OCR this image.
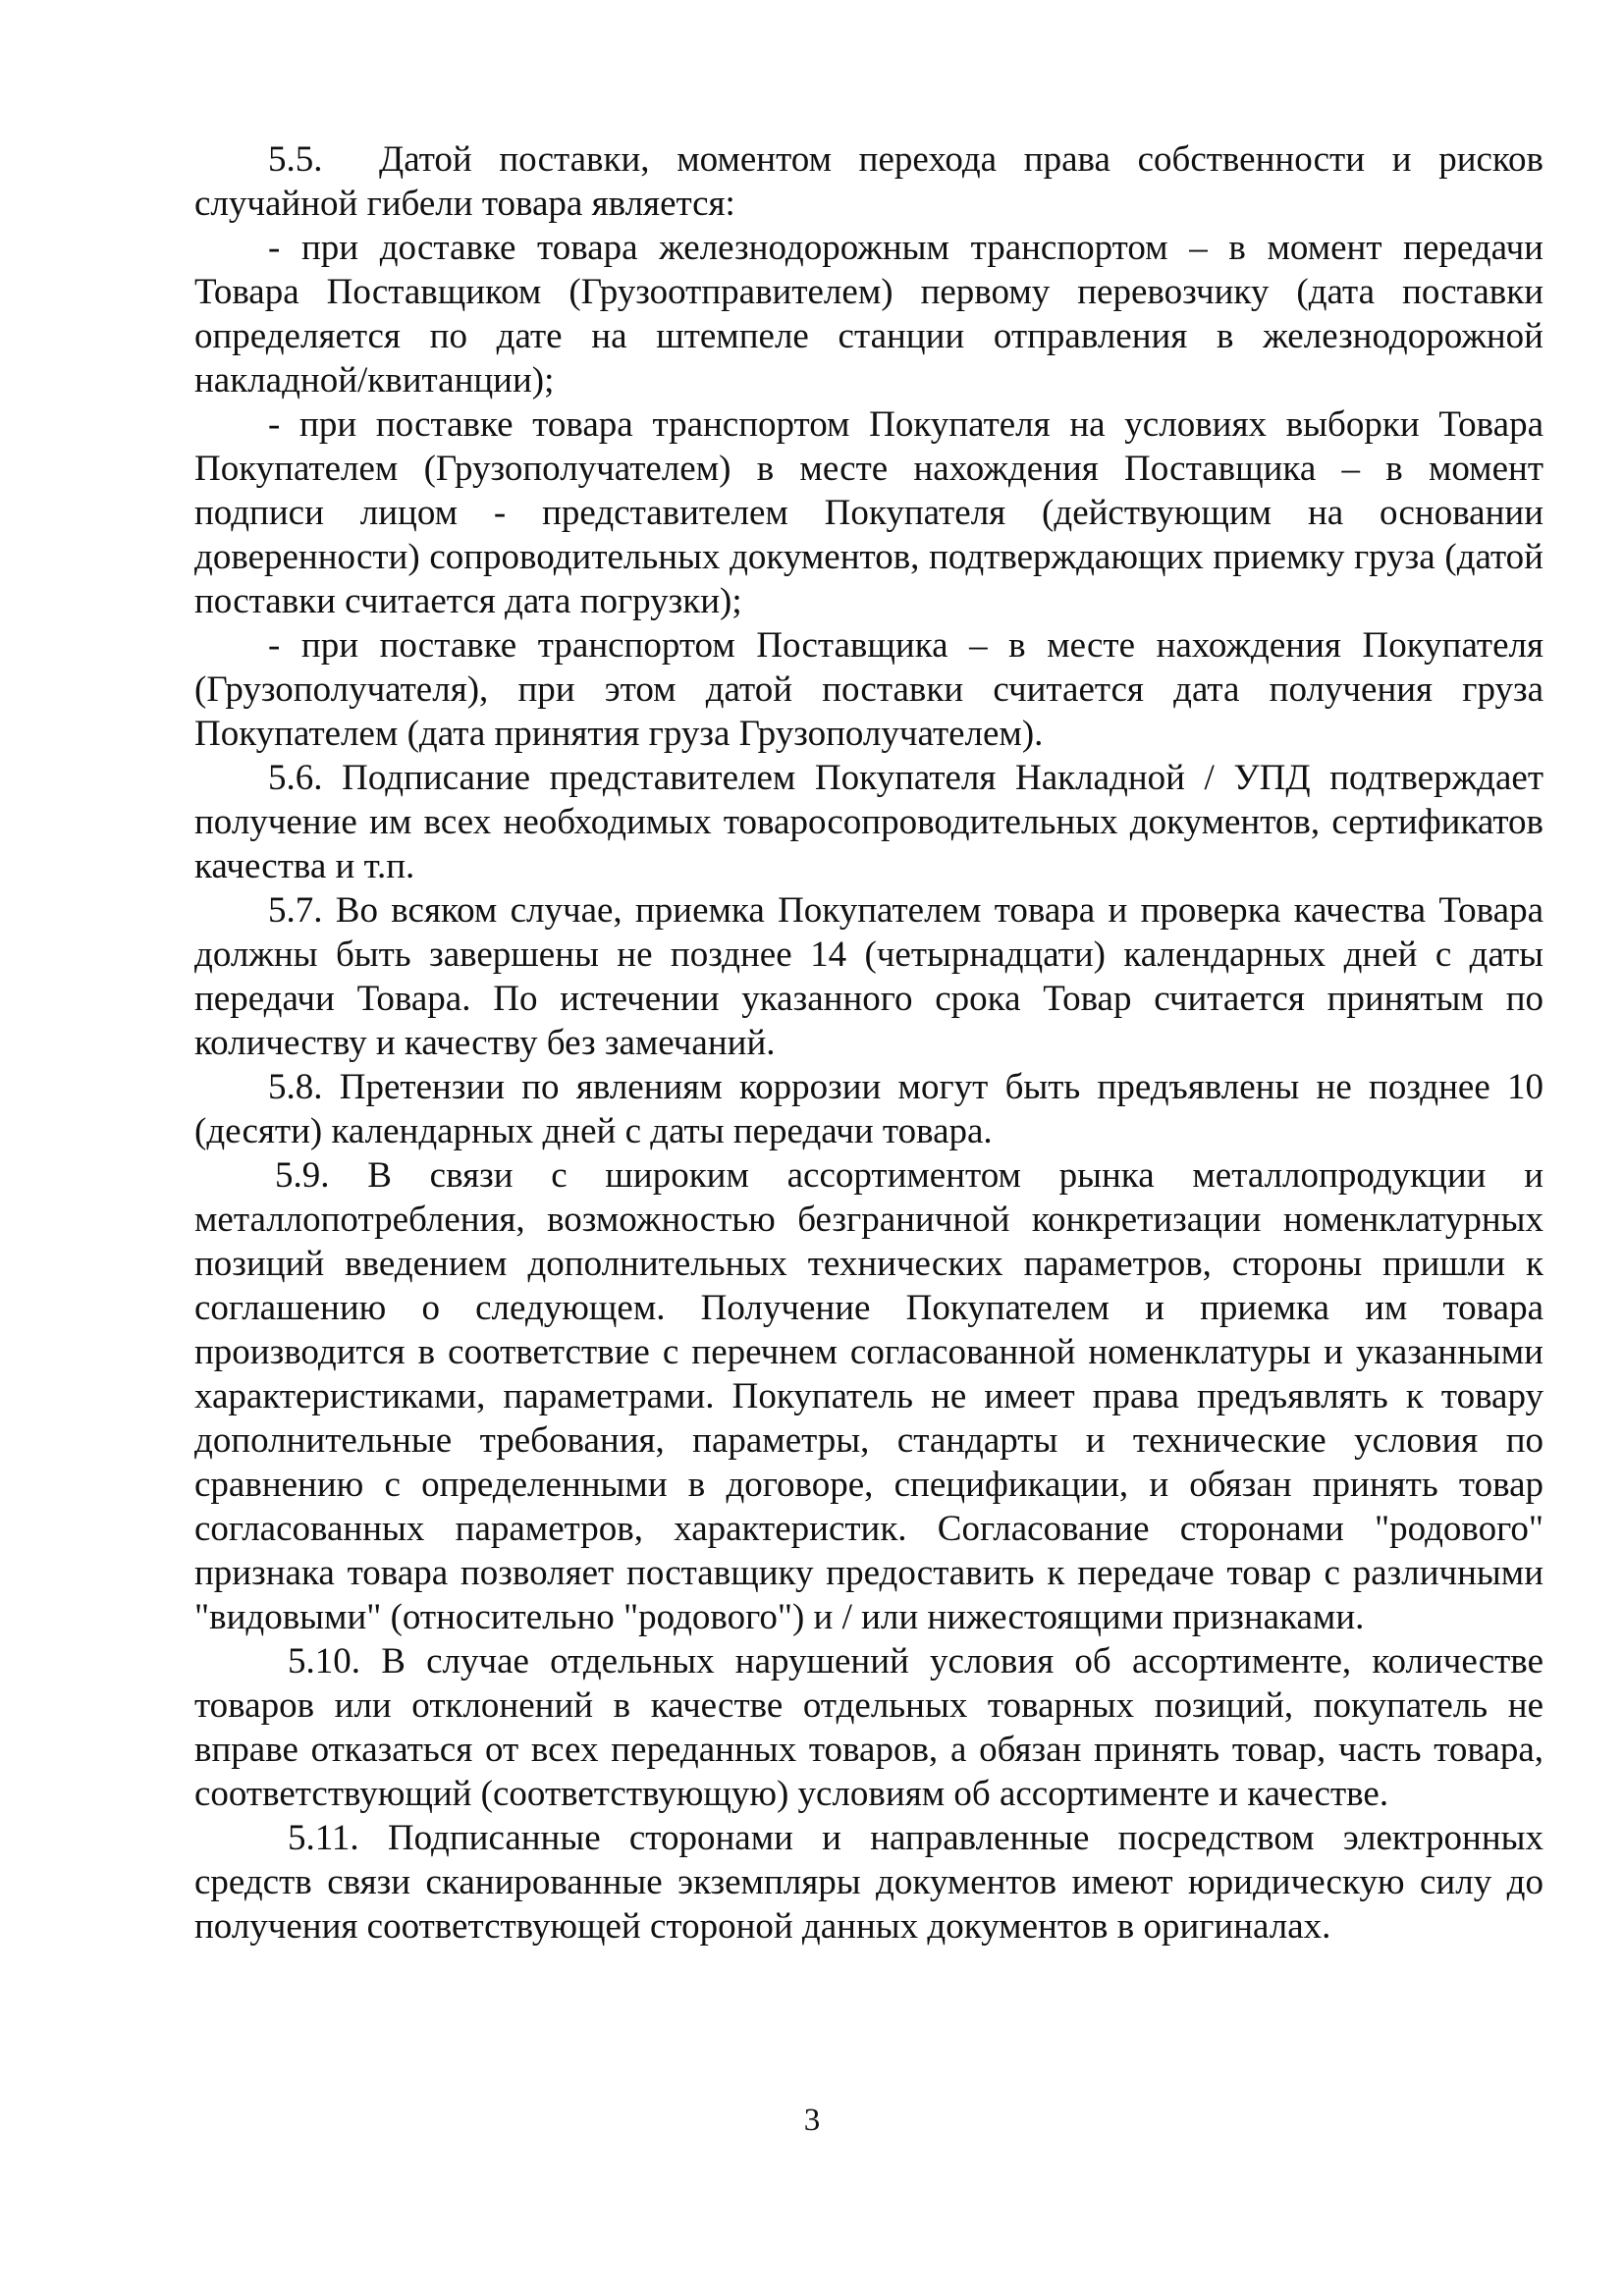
5.5. Датой поставки, моментом перехода права собственности и рисков случайной гибели товара является:

- при доставке товара железнодорожным транспортом – в момент передачи Товара Поставщиком (Грузоотправителем) первому перевозчику (дата поставки определяется по дате на штемпеле станции отправления в железнодорожной накладной/квитанции);

- при поставке товара транспортом Покупателя на условиях выборки Товара Покупателем (Грузополучателем) в месте нахождения Поставщика – в момент подписи лицом - представителем Покупателя (действующим на основании доверенности) сопроводительных документов, подтверждающих приемку груза (датой поставки считается дата погрузки);

- при поставке транспортом Поставщика – в месте нахождения Покупателя (Грузополучателя), при этом датой поставки считается дата получения груза Покупателем (дата принятия груза Грузополучателем).

5.6. Подписание представителем Покупателя Накладной / УПД подтверждает получение им всех необходимых товаросопроводительных документов, сертификатов качества и т.п.

5.7. Во всяком случае, приемка Покупателем товара и проверка качества Товара должны быть завершены не позднее 14 (четырнадцати) календарных дней с даты передачи Товара. По истечении указанного срока Товар считается принятым по количеству и качеству без замечаний.

5.8. Претензии по явлениям коррозии могут быть предъявлены не позднее 10 (десяти) календарных дней с даты передачи товара.

5.9. В связи с широким ассортиментом рынка металлопродукции и металлопотребления, возможностью безграничной конкретизации номенклатурных позиций введением дополнительных технических параметров, стороны пришли к соглашению о следующем. Получение Покупателем и приемка им товара производится в соответствие с перечнем согласованной номенклатуры и указанными характеристиками, параметрами. Покупатель не имеет права предъявлять к товару дополнительные требования, параметры, стандарты и технические условия по сравнению с определенными в договоре, спецификации, и обязан принять товар согласованных параметров, характеристик. Согласование сторонами "родового" признака товара позволяет поставщику предоставить к передаче товар с различными "видовыми" (относительно "родового") и / или нижестоящими признаками.

5.10. В случае отдельных нарушений условия об ассортименте, количестве товаров или отклонений в качестве отдельных товарных позиций, покупатель не вправе отказаться от всех переданных товаров, а обязан принять товар, часть товара, соответствующий (соответствующую) условиям об ассортименте и качестве.

5.11. Подписанные сторонами и направленные посредством электронных средств связи сканированные экземпляры документов имеют юридическую силу до получения соответствующей стороной данных документов в оригиналах.

3
